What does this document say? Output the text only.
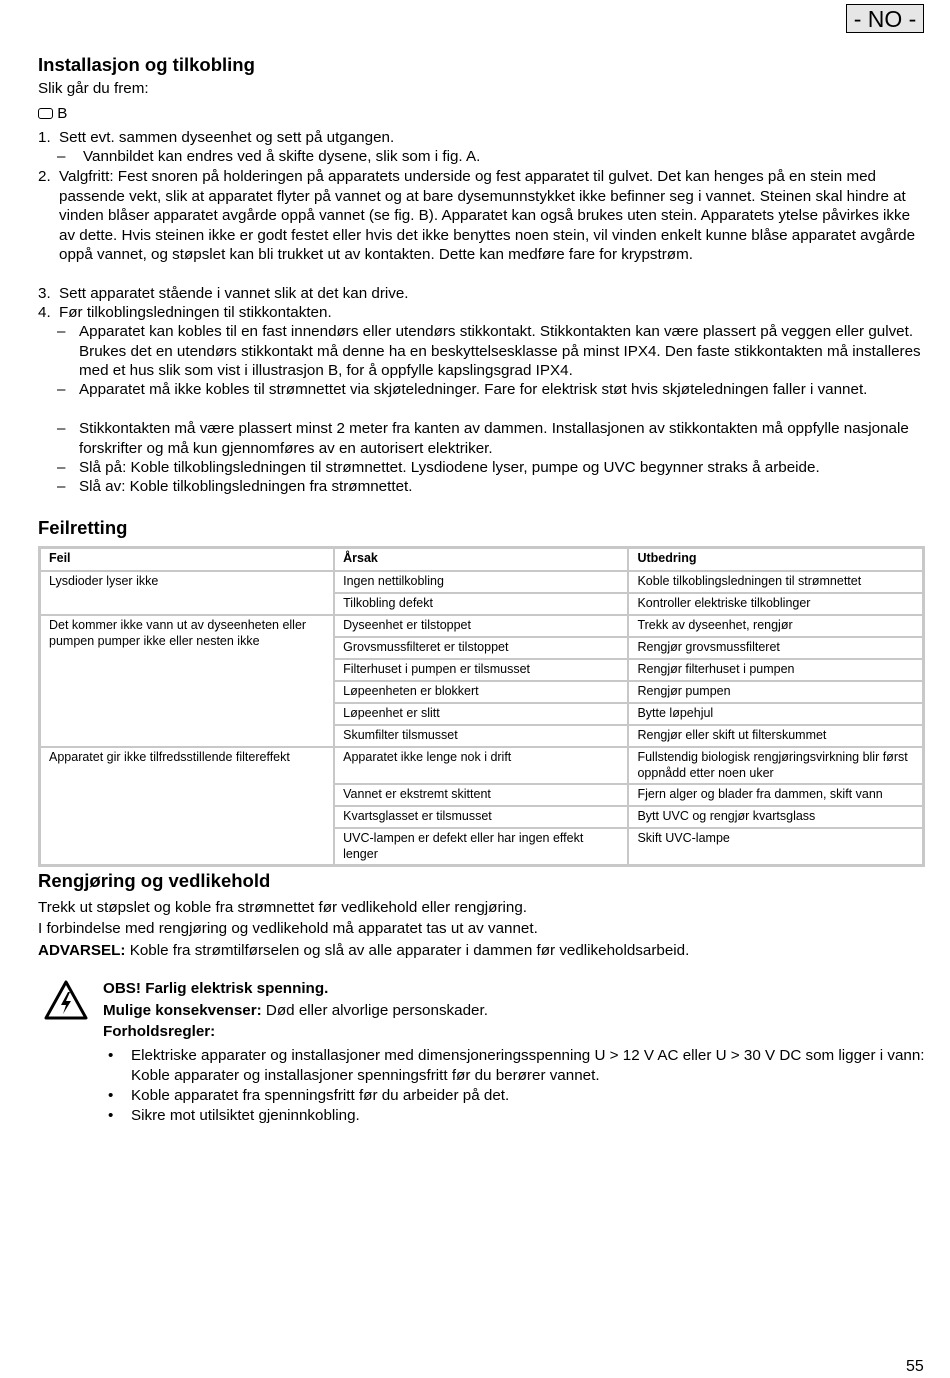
- NO -
Installasjon og tilkobling

Slik går du frem:

B
1. Sett evt. sammen dyseenhet og sett på utgangen.
– Vannbildet kan endres ved å skifte dysene, slik som i fig. A.
2. Valgfritt: Fest snoren på holderingen på apparatets underside og fest apparatet til gulvet. Det kan henges på en stein med passende vekt, slik at apparatet flyter på vannet og at bare dysemunnstykket ikke befinner seg i vannet. Steinen skal hindre at vinden blåser apparatet avgårde oppå vannet (se fig. B). Apparatet kan også brukes uten stein. Apparatets ytelse påvirkes ikke av dette. Hvis steinen ikke er godt festet eller hvis det ikke benyttes noen stein, vil vinden enkelt kunne blåse apparatet avgårde oppå vannet, og støpslet kan bli trukket ut av kontakten. Dette kan medføre fare for krypstrøm.
3. Sett apparatet stående i vannet slik at det kan drive.
4. Før tilkoblingsledningen til stikkontakten.
– Apparatet kan kobles til en fast innendørs eller utendørs stikkontakt. Stikkontakten kan være plassert på veggen eller gulvet. Brukes det en utendørs stikkontakt må denne ha en beskyttelsesklasse på minst IPX4. Den faste stikkontakten må installeres med et hus slik som vist i illustrasjon B, for å oppfylle kapslingsgrad IPX4.
– Apparatet må ikke kobles til strømnettet via skjøteledninger. Fare for elektrisk støt hvis skjøteledningen faller i vannet.
– Stikkontakten må være plassert minst 2 meter fra kanten av dammen. Installasjonen av stikkontakten må oppfylle nasjonale forskrifter og må kun gjennomføres av en autorisert elektriker.
– Slå på: Koble tilkoblingsledningen til strømnettet. Lysdiodene lyser, pumpe og UVC begynner straks å arbeide.
– Slå av: Koble tilkoblingsledningen fra strømnettet.
Feilretting
Feil	Årsak	Utbedring
Lysdioder lyser ikke	Ingen nettilkobling	Koble tilkoblingsledningen til strømnettet
	Tilkobling defekt	Kontroller elektriske tilkoblinger
Det kommer ikke vann ut av dyseenheten eller pumpen pumper ikke eller nesten ikke	Dyseenhet er tilstoppet	Trekk av dyseenhet, rengjør
	Grovsmussfilteret er tilstoppet	Rengjør grovsmussfilteret
	Filterhuset i pumpen er tilsmusset	Rengjør filterhuset i pumpen
	Løpeenheten er blokkert	Rengjør pumpen
	Løpeenhet er slitt	Bytte løpehjul
	Skumfilter tilsmusset	Rengjør eller skift ut filterskummet
Apparatet gir ikke tilfredsstillende filtereffekt	Apparatet ikke lenge nok i drift	Fullstendig biologisk rengjøringsvirkning blir først oppnådd etter noen uker
	Vannet er ekstremt skittent	Fjern alger og blader fra dammen, skift vann
	Kvartsglasset er tilsmusset	Bytt UVC og rengjør kvartsglass
	UVC-lampen er defekt eller har ingen effekt lenger	Skift UVC-lampe
Rengjøring og vedlikehold

Trekk ut støpslet og koble fra strømnettet før vedlikehold eller rengjøring.

I forbindelse med rengjøring og vedlikehold må apparatet tas ut av vannet.

ADVARSEL: Koble fra strømtilførselen og slå av alle apparater i dammen før vedlikeholdsarbeid.

OBS! Farlig elektrisk spenning.

Mulige konsekvenser: Død eller alvorlige personskader.

Forholdsregler:

• Elektriske apparater og installasjoner med dimensjoneringsspenning U > 12 V AC eller U > 30 V DC som ligger i vann: Koble apparater og installasjoner spenningsfritt før du berører vannet.
• Koble apparatet fra spenningsfritt før du arbeider på det.
• Sikre mot utilsiktet gjeninnkobling.
55
